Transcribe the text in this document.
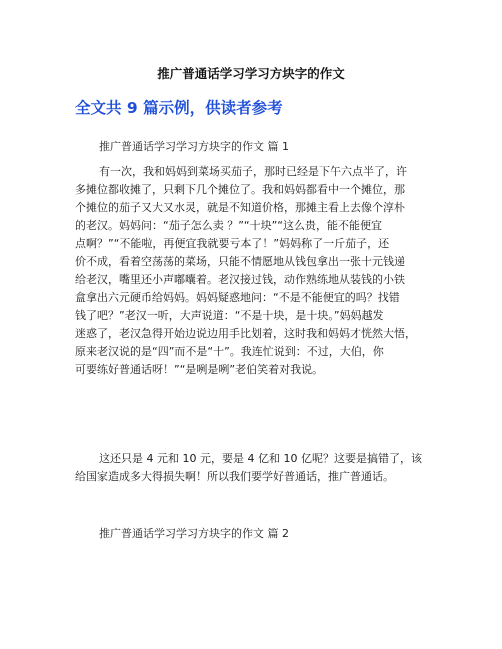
推广普通话学习学习方块字的作文
全文共 9 篇示例，供读者参考
推广普通话学习学习方块字的作文 篇 1
有一次，我和妈妈到菜场买茄子，那时已经是下午六点半了，许
多摊位都收摊了，只剩下几个摊位了。我和妈妈都看中一个摊位，那
个摊位的茄子又大又水灵，就是不知道价格，那摊主看上去像个淳朴
的老汉。妈妈问：“茄子怎么卖 ？”“十块”“这么贵，能不能便宜
点啊？”“不能啦，再便宜我就要亏本了！”妈妈称了一斤茄子，还
价不成，看着空荡荡的菜场，只能不情愿地从钱包拿出一张十元钱递
给老汉，嘴里还小声嘟囔着。老汉接过钱，动作熟练地从装钱的小铁
盒拿出六元硬币给妈妈。妈妈疑惑地问：“不是不能便宜的吗？找错
钱了吧？”老汉一听，大声说道：“不是十块，是十块。”妈妈越发
迷惑了，老汉急得开始边说边用手比划着，这时我和妈妈才恍然大悟，
原来老汉说的是“四”而不是“十”。我连忙说到：不过，大伯，你
可要练好普通话呀！”“是咧是咧”老伯笑着对我说。
这还只是 4 元和 10 元，要是 4 亿和 10 亿呢？这要是搞错了，该
给国家造成多大得损失啊！所以我们要学好普通话，推广普通话。
推广普通话学习学习方块字的作文 篇 2
